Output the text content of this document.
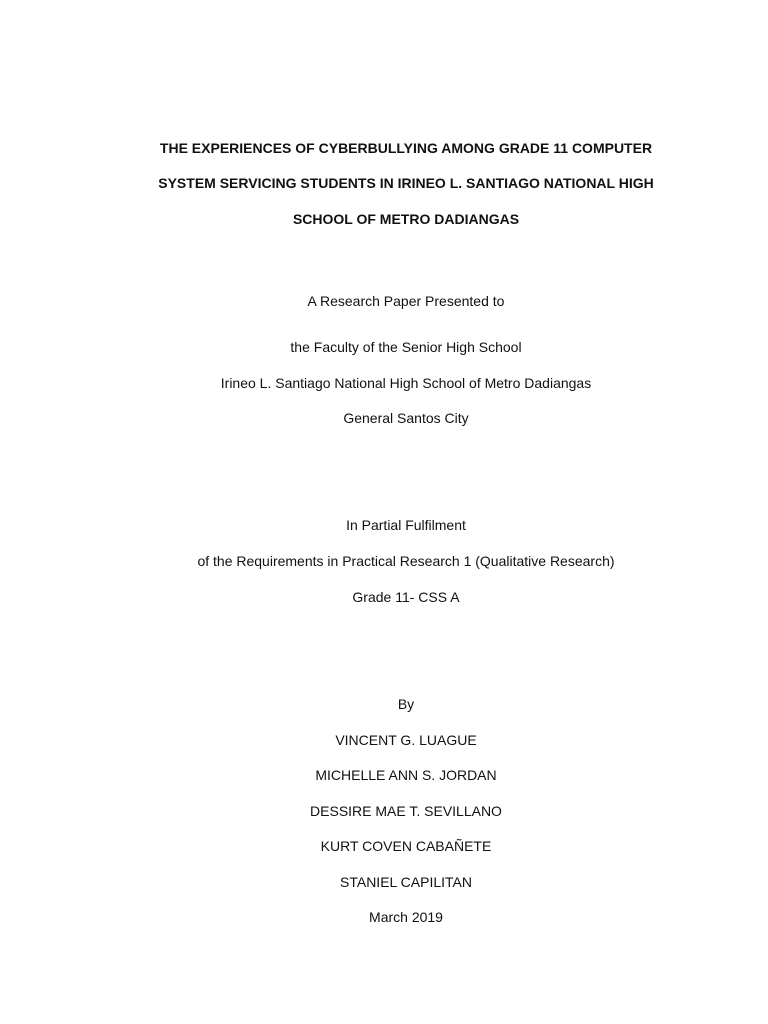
THE EXPERIENCES OF CYBERBULLYING AMONG GRADE 11 COMPUTER
SYSTEM SERVICING STUDENTS IN IRINEO L. SANTIAGO NATIONAL HIGH
SCHOOL OF METRO DADIANGAS
A Research Paper Presented to
the Faculty of the Senior High School
Irineo L. Santiago National High School of Metro Dadiangas
General Santos City
In Partial Fulfilment
of the Requirements in Practical Research 1 (Qualitative Research)
Grade 11- CSS A
By
VINCENT G. LUAGUE
MICHELLE ANN S. JORDAN
DESSIRE MAE T. SEVILLANO
KURT COVEN CABAÑETE
STANIEL CAPILITAN
March 2019
